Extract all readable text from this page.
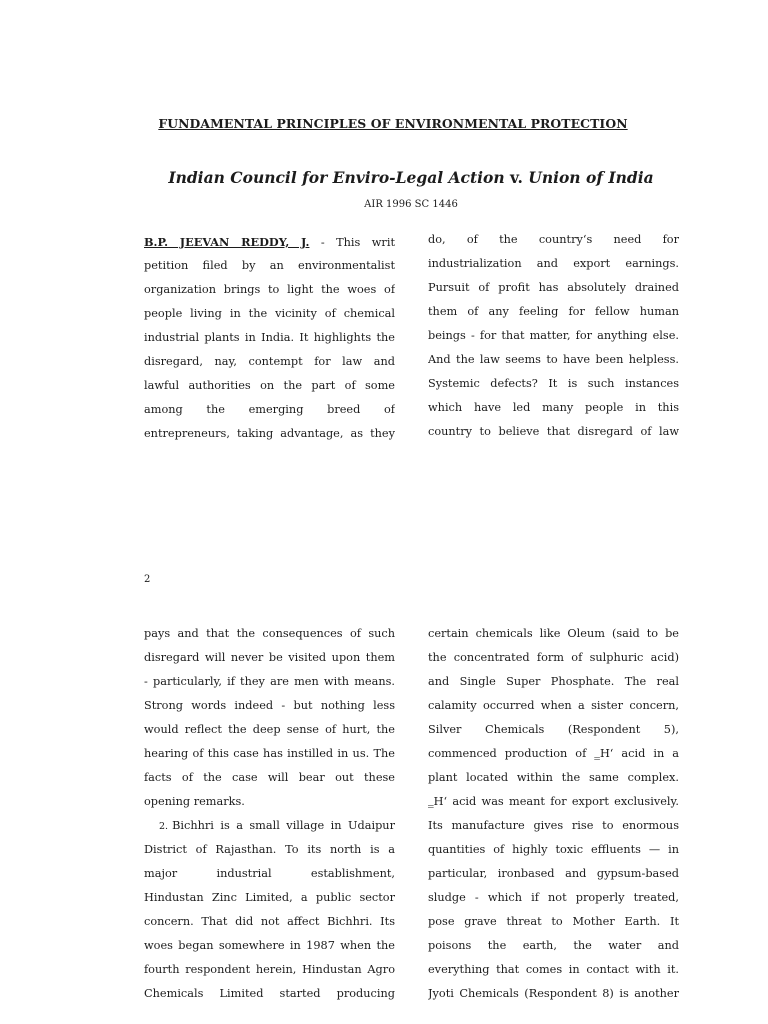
FUNDAMENTAL PRINCIPLES OF ENVIRONMENTAL PROTECTION
Indian Council for Enviro-Legal Action v. Union of India
AIR 1996 SC 1446
B.P. JEEVAN REDDY, J. - This writ
petition filed by an environmentalist
organization brings to light the woes of
people living in the vicinity of chemical
industrial plants in India. It highlights the
disregard, nay, contempt for law and
lawful authorities on the part of some
among the emerging breed of
entrepreneurs, taking advantage, as they
do, of the country‘s need for
industrialization and export earnings.
Pursuit of profit has absolutely drained
them of any feeling for fellow human
beings - for that matter, for anything else.
And the law seems to have been helpless.
Systemic defects? It is such instances
which have led many people in this
country to believe that disregard of law
2
pays and that the consequences of such
disregard will never be visited upon them
- particularly, if they are men with means.
Strong words indeed - but nothing less
would reflect the deep sense of hurt, the
hearing of this case has instilled in us. The
facts of the case will bear out these
opening remarks.
2. Bichhri is a small village in Udaipur
District of Rajasthan. To its north is a
major industrial establishment,
Hindustan Zinc Limited, a public sector
concern. That did not affect Bichhri. Its
woes began somewhere in 1987 when the
fourth respondent herein, Hindustan Agro
Chemicals Limited started producing
certain chemicals like Oleum (said to be
the concentrated form of sulphuric acid)
and Single Super Phosphate. The real
calamity occurred when a sister concern,
Silver Chemicals (Respondent 5),
commenced production of ‗H‘ acid in a
plant located within the same complex.
‗H‘ acid was meant for export exclusively.
Its manufacture gives rise to enormous
quantities of highly toxic effluents — in
particular, ironbased and gypsum-based
sludge - which if not properly treated,
pose grave threat to Mother Earth. It
poisons the earth, the water and
everything that comes in contact with it.
Jyoti Chemicals (Respondent 8) is another
